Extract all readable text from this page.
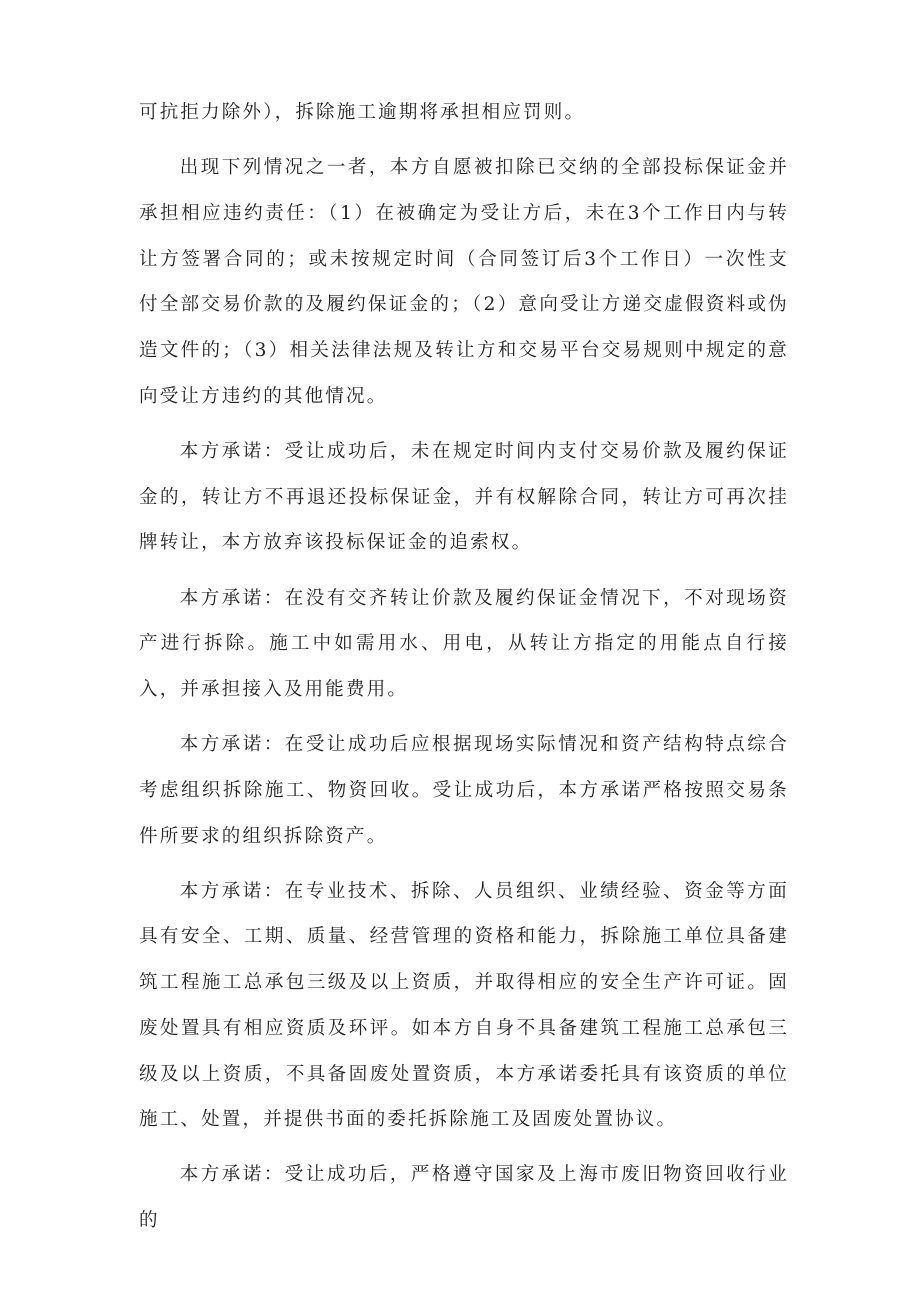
可抗拒力除外），拆除施工逾期将承担相应罚则。

出现下列情况之一者，本方自愿被扣除已交纳的全部投标保证金并承担相应违约责任：（1）在被确定为受让方后，未在3个工作日内与转让方签署合同的；或未按规定时间（合同签订后3个工作日）一次性支付全部交易价款的及履约保证金的；（2）意向受让方递交虚假资料或伪造文件的；（3）相关法律法规及转让方和交易平台交易规则中规定的意向受让方违约的其他情况。

本方承诺：受让成功后，未在规定时间内支付交易价款及履约保证金的，转让方不再退还投标保证金，并有权解除合同，转让方可再次挂牌转让，本方放弃该投标保证金的追索权。

本方承诺：在没有交齐转让价款及履约保证金情况下，不对现场资产进行拆除。施工中如需用水、用电，从转让方指定的用能点自行接入，并承担接入及用能费用。

本方承诺：在受让成功后应根据现场实际情况和资产结构特点综合考虑组织拆除施工、物资回收。受让成功后，本方承诺严格按照交易条件所要求的组织拆除资产。

本方承诺：在专业技术、拆除、人员组织、业绩经验、资金等方面具有安全、工期、质量、经营管理的资格和能力，拆除施工单位具备建筑工程施工总承包三级及以上资质，并取得相应的安全生产许可证。固废处置具有相应资质及环评。如本方自身不具备建筑工程施工总承包三级及以上资质，不具备固废处置资质，本方承诺委托具有该资质的单位施工、处置，并提供书面的委托拆除施工及固废处置协议。

本方承诺：受让成功后，严格遵守国家及上海市废旧物资回收行业的
